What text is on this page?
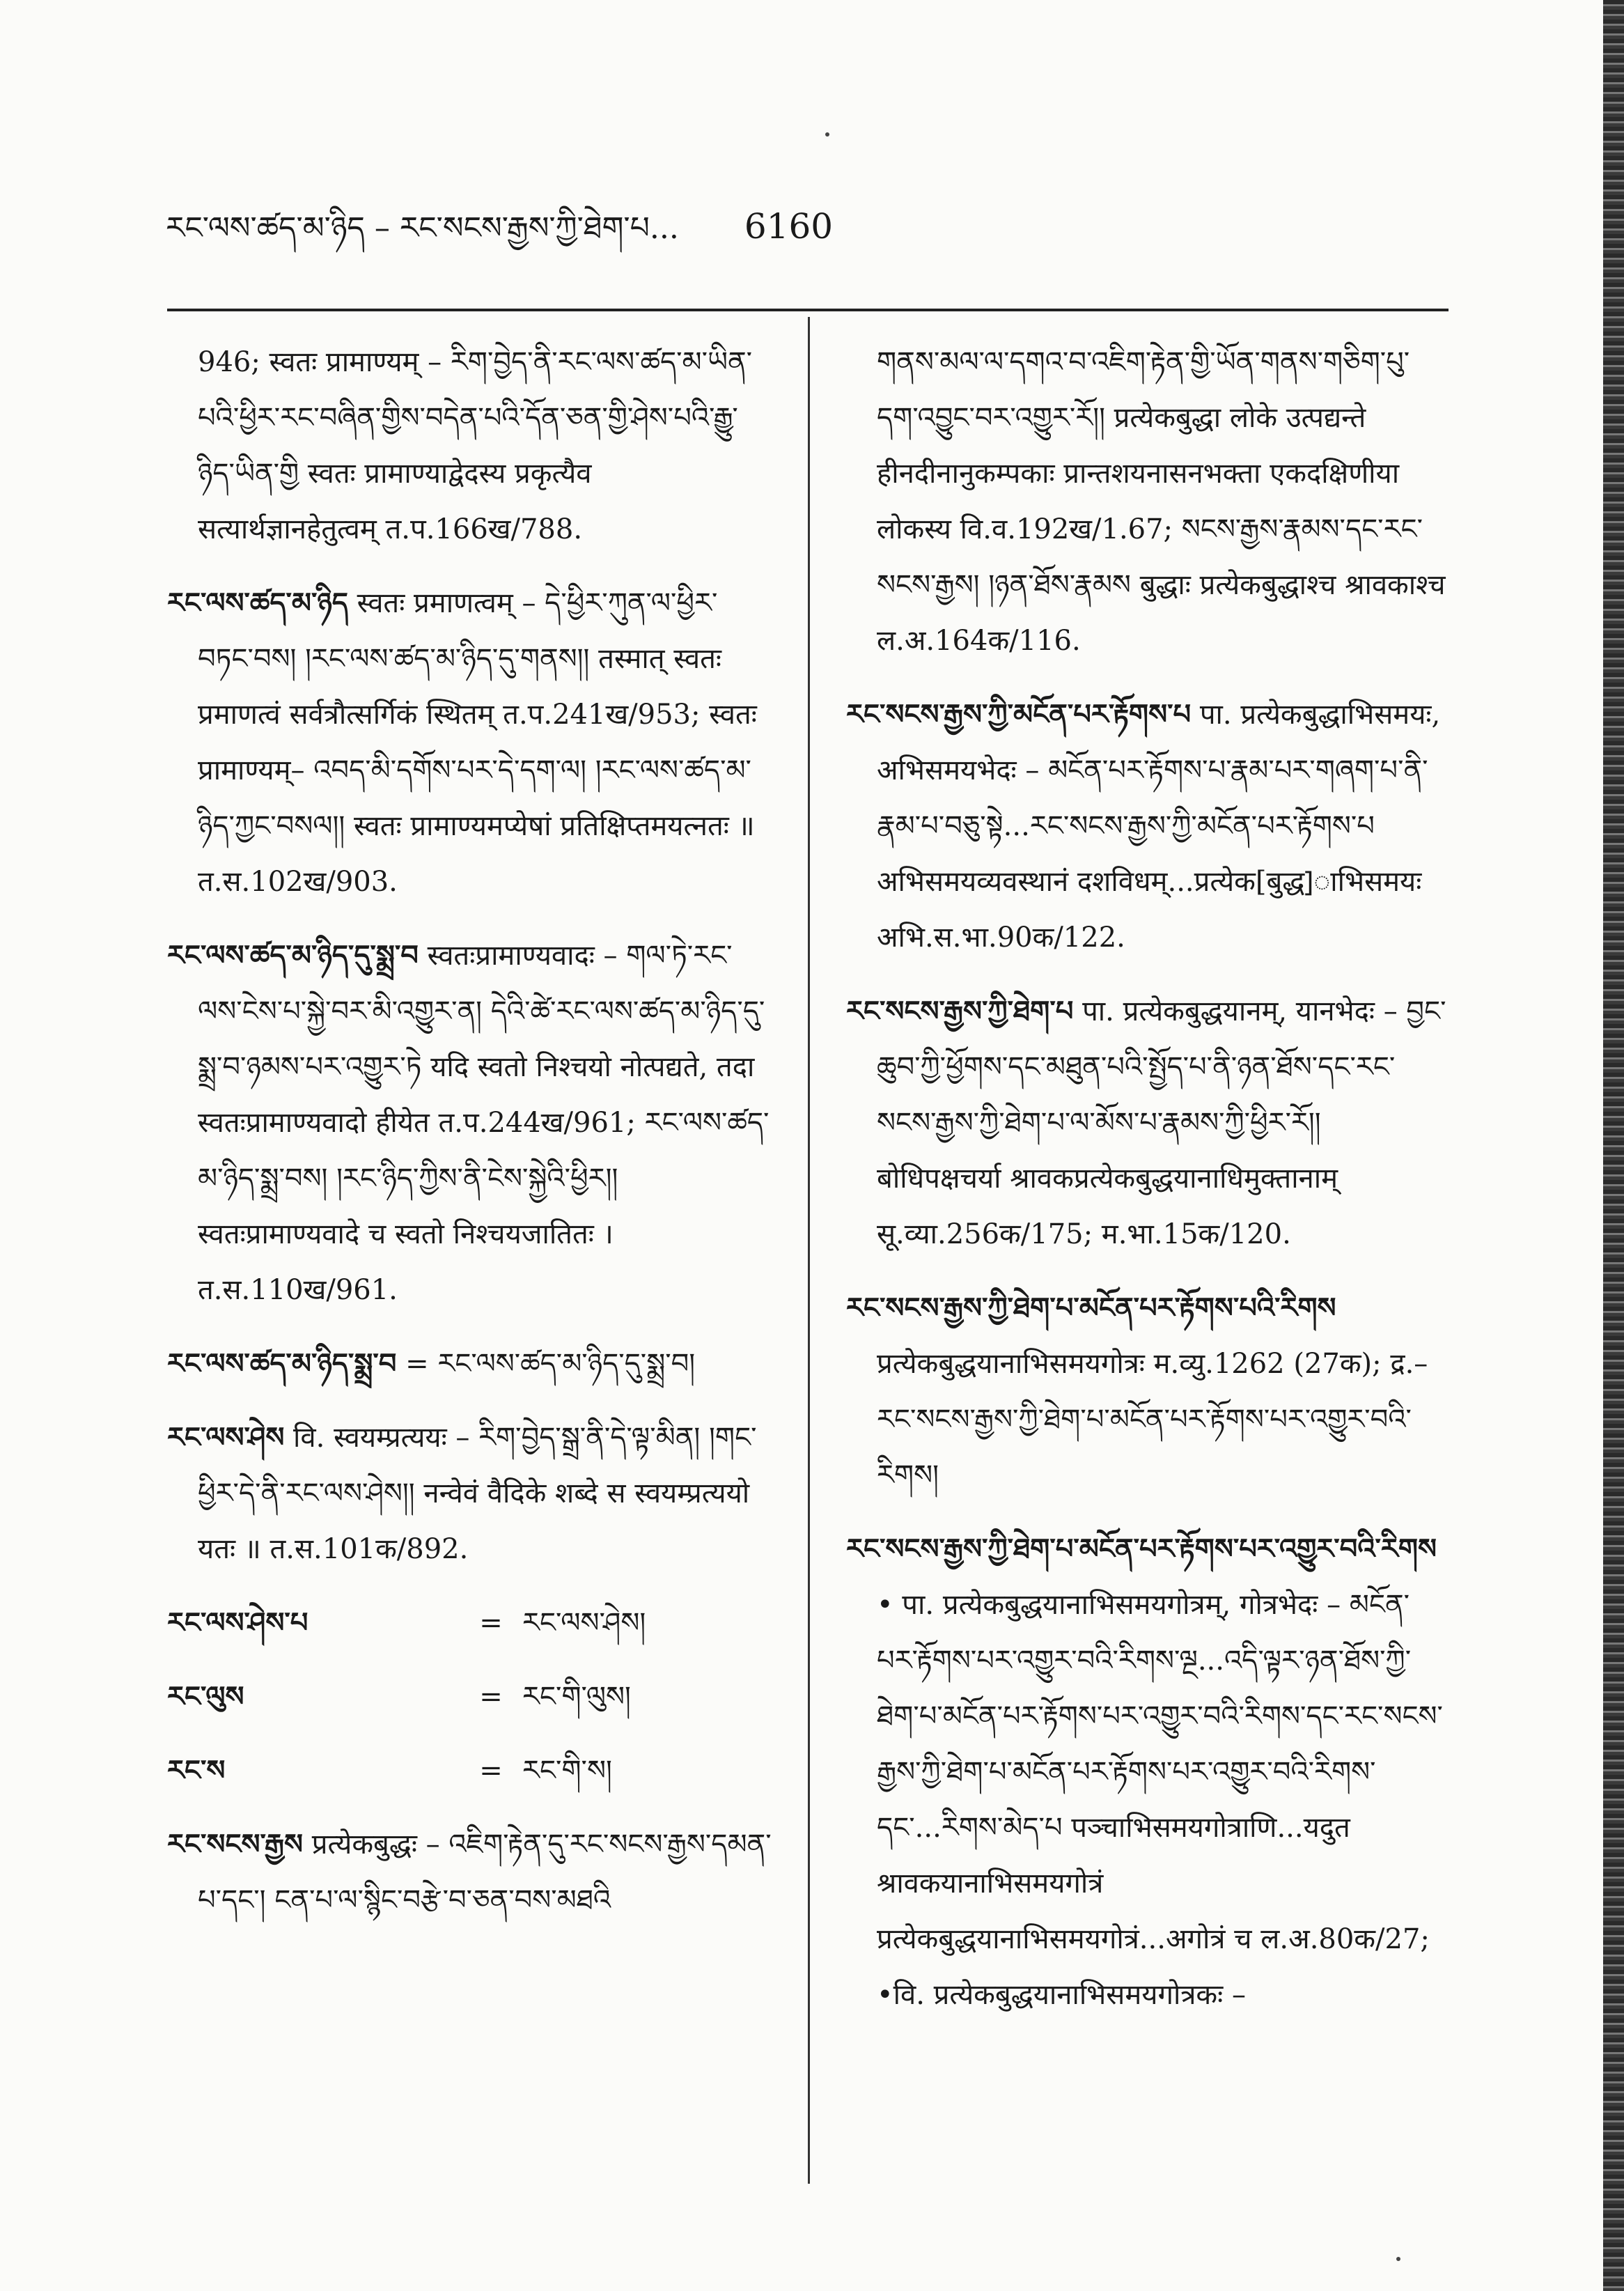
རང་ལས་ཚད་མ་ཉིད – རང་སངས་རྒྱས་ཀྱི་ཐེག་པ... 6160
946; स्वतः प्रामाण्यम् – རིག་བྱེད་ནི་རང་ལས་ཚད་མ་ཡིན་པའི་ཕྱིར་རང་བཞིན་གྱིས་བདེན་པའི་དོན་ཅན་གྱི་ཤེས་པའི་རྒྱུ་ཉིད་ཡིན་གྱི स्वतः प्रामाण्याद्वेदस्य प्रकृत्यैव सत्यार्थज्ञानहेतुत्वम् त.प.166ख/788.
རང་ལས་ཚད་མ་ཉིད स्वतः प्रमाणत्वम् – དེ་ཕྱིར་ཀུན་ལ་ཕྱིར་བཏང་བས། །རང་ལས་ཚད་མ་ཉིད་དུ་གནས།། तस्मात् स्वतः प्रमाणत्वं सर्वत्रौत्सर्गिकं स्थितम् त.प.241ख/953; स्वतः प्रामाण्यम्– འབད་མི་དགོས་པར་དེ་དག་ལ། །རང་ལས་ཚད་མ་ཉིད་ཀྱང་བསལ།། स्वतः प्रामाण्यमप्येषां प्रतिक्षिप्तमयत्नतः ॥ त.स.102ख/903.
རང་ལས་ཚད་མ་ཉིད་དུ་སྨྲ་བ स्वतःप्रामाण्यवादः – གལ་ཏེ་རང་ལས་ངེས་པ་སྐྱེ་བར་མི་འགྱུར་ན། དེའི་ཚེ་རང་ལས་ཚད་མ་ཉིད་དུ་སྨྲ་བ་ཉམས་པར་འགྱུར་ཏེ यदि स्वतो निश्चयो नोत्पद्यते, तदा स्वतःप्रामाण्यवादो हीयेत त.प.244ख/961; རང་ལས་ཚད་མ་ཉིད་སྨྲ་བས། །རང་ཉིད་ཀྱིས་ནི་ངེས་སྐྱེའི་ཕྱིར།། स्वतःप्रामाण्यवादे च स्वतो निश्चयजातितः । त.स.110ख/961.
རང་ལས་ཚད་མ་ཉིད་སྨྲ་བ = རང་ལས་ཚད་མ་ཉིད་དུ་སྨྲ་བ།
རང་ལས་ཤེས वि. स्वयम्प्रत्ययः – རིག་བྱེད་སྒྲ་ནི་དེ་ལྟ་མིན། །གང་ཕྱིར་དེ་ནི་རང་ལས་ཤེས།། नन्वेवं वैदिके शब्दे स स्वयम्प्रत्ययो यतः ॥ त.स.101क/892.
རང་ལས་ཤེས་པ	= རང་ལས་ཤེས།
རང་ལུས	= རང་གི་ལུས།
རང་ས	= རང་གི་ས།
རང་སངས་རྒྱས प्रत्येकबुद्धः – འཇིག་རྟེན་དུ་རང་སངས་རྒྱས་དམན་པ་དང་། ངན་པ་ལ་སྙིང་བརྩེ་བ་ཅན་བས་མཐའི
གནས་མལ་ལ་དགའ་བ་འཇིག་རྟེན་གྱི་ཡོན་གནས་གཅིག་པུ་དག་འབྱུང་བར་འགྱུར་རོ།། प्रत्येकबुद्धा लोके उत्पद्यन्ते हीनदीनानुकम्पकाः प्रान्तशयनासनभक्ता एकदक्षिणीया लोकस्य वि.व.192ख/1.67; སངས་རྒྱས་རྣམས་དང་རང་སངས་རྒྱས། །ཉན་ཐོས་རྣམས बुद्धाः प्रत्येकबुद्धाश्च श्रावकाश्च ल.अ.164क/116.
རང་སངས་རྒྱས་ཀྱི་མངོན་པར་རྟོགས་པ पा. प्रत्येकबुद्धाभिसमयः, अभिसमयभेदः – མངོན་པར་རྟོགས་པ་རྣམ་པར་གཞག་པ་ནི་རྣམ་པ་བཅུ་སྟེ...རང་སངས་རྒྱས་ཀྱི་མངོན་པར་རྟོགས་པ अभिसमयव्यवस्थानं दशविधम्...प्रत्येक[बुद्ध]ाभिसमयः अभि.स.भा.90क/122.
རང་སངས་རྒྱས་ཀྱི་ཐེག་པ पा. प्रत्येकबुद्धयानम्, यानभेदः – བྱང་ཆུབ་ཀྱི་ཕྱོགས་དང་མཐུན་པའི་སྤྱོད་པ་ནི་ཉན་ཐོས་དང་རང་སངས་རྒྱས་ཀྱི་ཐེག་པ་ལ་མོས་པ་རྣམས་ཀྱི་ཕྱིར་རོ།། बोधिपक्षचर्या श्रावकप्रत्येकबुद्धयानाधिमुक्तानाम् सू.व्या.256क/175; म.भा.15क/120.
རང་སངས་རྒྱས་ཀྱི་ཐེག་པ་མངོན་པར་རྟོགས་པའི་རིགས प्रत्येकबुद्धयानाभिसमयगोत्रः म.व्यु.1262 (27क); द्र.– རང་སངས་རྒྱས་ཀྱི་ཐེག་པ་མངོན་པར་རྟོགས་པར་འགྱུར་བའི་རིགས།
རང་སངས་རྒྱས་ཀྱི་ཐེག་པ་མངོན་པར་རྟོགས་པར་འགྱུར་བའི་རིགས • पा. प्रत्येकबुद्धयानाभिसमयगोत्रम्, गोत्रभेदः – མངོན་པར་རྟོགས་པར་འགྱུར་བའི་རིགས་ལྔ...འདི་ལྟར་ཉན་ཐོས་ཀྱི་ཐེག་པ་མངོན་པར་རྟོགས་པར་འགྱུར་བའི་རིགས་དང་རང་སངས་རྒྱས་ཀྱི་ཐེག་པ་མངོན་པར་རྟོགས་པར་འགྱུར་བའི་རིགས་དང་...རིགས་མེད་པ पञ्चाभिसमयगोत्राणि...यदुत श्रावकयानाभिसमयगोत्रं प्रत्येकबुद्धयानाभिसमयगोत्रं...अगोत्रं च ल.अ.80क/27; •वि. प्रत्येकबुद्धयानाभिसमयगोत्रकः –
